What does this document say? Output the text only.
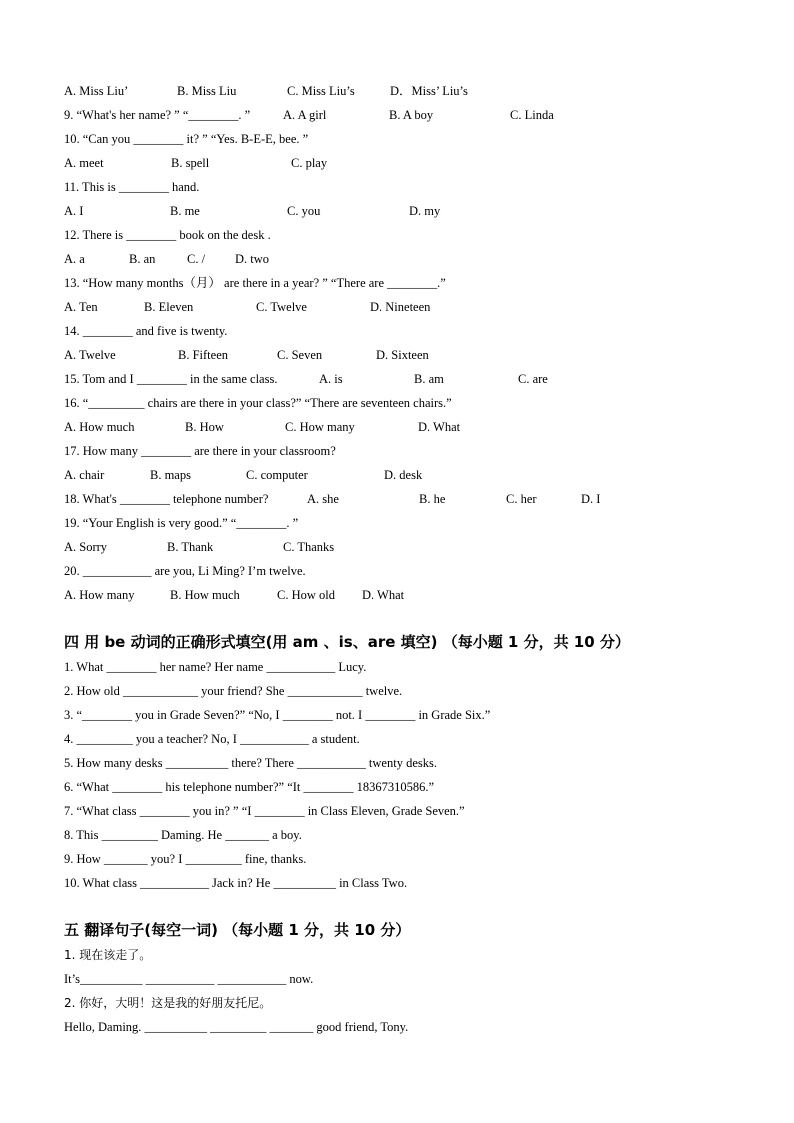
A. Miss Liu’	B. Miss Liu	C. Miss Liu’s	D．Miss’ Liu’s
9. “What's her name? ” “________. ”	A. A girl	B. A boy	C. Linda
10. “Can you ________ it? ” “Yes. B-E-E, bee. ”
A. meet	B. spell	C. play
11. This is ________ hand.
A. I	B. me	C. you	D. my
12. There is ________ book on the desk .
A. a	B. an	C. / D. two
13. “How many months（月） are there in a year? ” “There are ________.”
A. Ten	B. Eleven	C. Twelve	D. Nineteen
14. ________ and five is twenty.
A. Twelve	B. Fifteen	C. Seven	D. Sixteen
15. Tom and I ________ in the same class.	A. is	B. am	C. are
16. “_________ chairs are there in your class?” “There are seventeen chairs.”
A. How much	B. How	C. How many	D. What
17. How many ________ are there in your classroom?
A. chair	B. maps	C. computer	D. desk
18. What's ________ telephone number?	A. she	B. he	C. her	D. I
19. “Your English is very good.” “________. ”
A. Sorry	B. Thank	C. Thanks
20. ___________ are you, Li Ming? I’m twelve.
A. How many	B. How much	C. How old D. What
四 用 be 动词的正确形式填空(用 am 、is、are 填空) （每小题 1 分，共 10 分）
1. What ________ her name? Her name ___________ Lucy.
2. How old ____________ your friend? She ____________ twelve.
3. “________ you in Grade Seven?” “No, I ________ not. I ________ in Grade Six.”
4. _________ you a teacher? No, I ___________ a student.
5. How many desks __________ there? There ___________ twenty desks.
6. “What ________ his telephone number?” “It ________ 18367310586.”
7. “What class ________ you in? ” “I ________ in Class Eleven, Grade Seven.”
8. This _________ Daming. He _______ a boy.
9. How _______ you? I _________ fine, thanks.
10. What class ___________ Jack in? He __________ in Class Two.
五 翻译句子(每空一词) （每小题 1 分，共 10 分）
1. 现在该走了。
It’s__________ ___________ ___________ now.
2. 你好，大明！这是我的好朋友托尼。
Hello, Daming. __________ _________ _______ good friend, Tony.
